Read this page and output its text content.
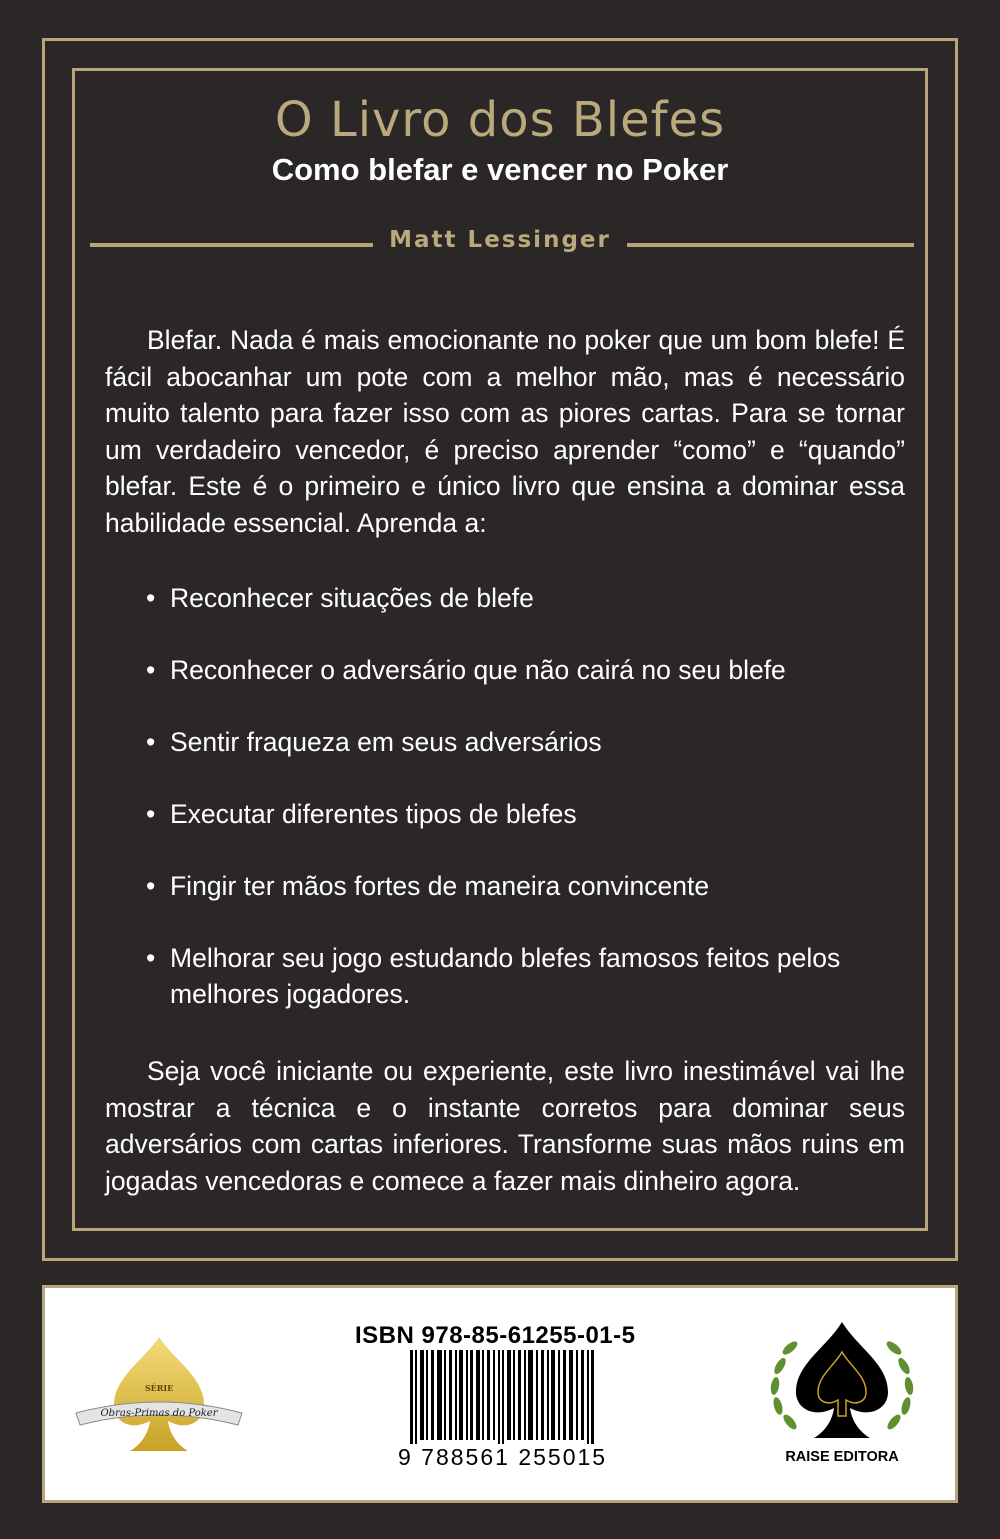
O Livro dos Blefes
Como blefar e vencer no Poker
Matt Lessinger

Blefar. Nada é mais emocionante no poker que um bom blefe! É fácil abocanhar um pote com a melhor mão, mas é necessário muito talento para fazer isso com as piores cartas. Para se tornar um verdadeiro vencedor, é preciso aprender “como” e “quando” blefar. Este é o primeiro e único livro que ensina a dominar essa habilidade essencial. Aprenda a:

• Reconhecer situações de blefe
• Reconhecer o adversário que não cairá no seu blefe
• Sentir fraqueza em seus adversários
• Executar diferentes tipos de blefes
• Fingir ter mãos fortes de maneira convincente
• Melhorar seu jogo estudando blefes famosos feitos pelos melhores jogadores.

Seja você iniciante ou experiente, este livro inestimável vai lhe mostrar a técnica e o instante corretos para dominar seus adversários com cartas inferiores. Transforme suas mãos ruins em jogadas vencedoras e comece a fazer mais dinheiro agora.

SÉRIE
Obras-Primas do Poker
ISBN 978-85-61255-01-5
9 788561 255015	RAISE EDITORA
